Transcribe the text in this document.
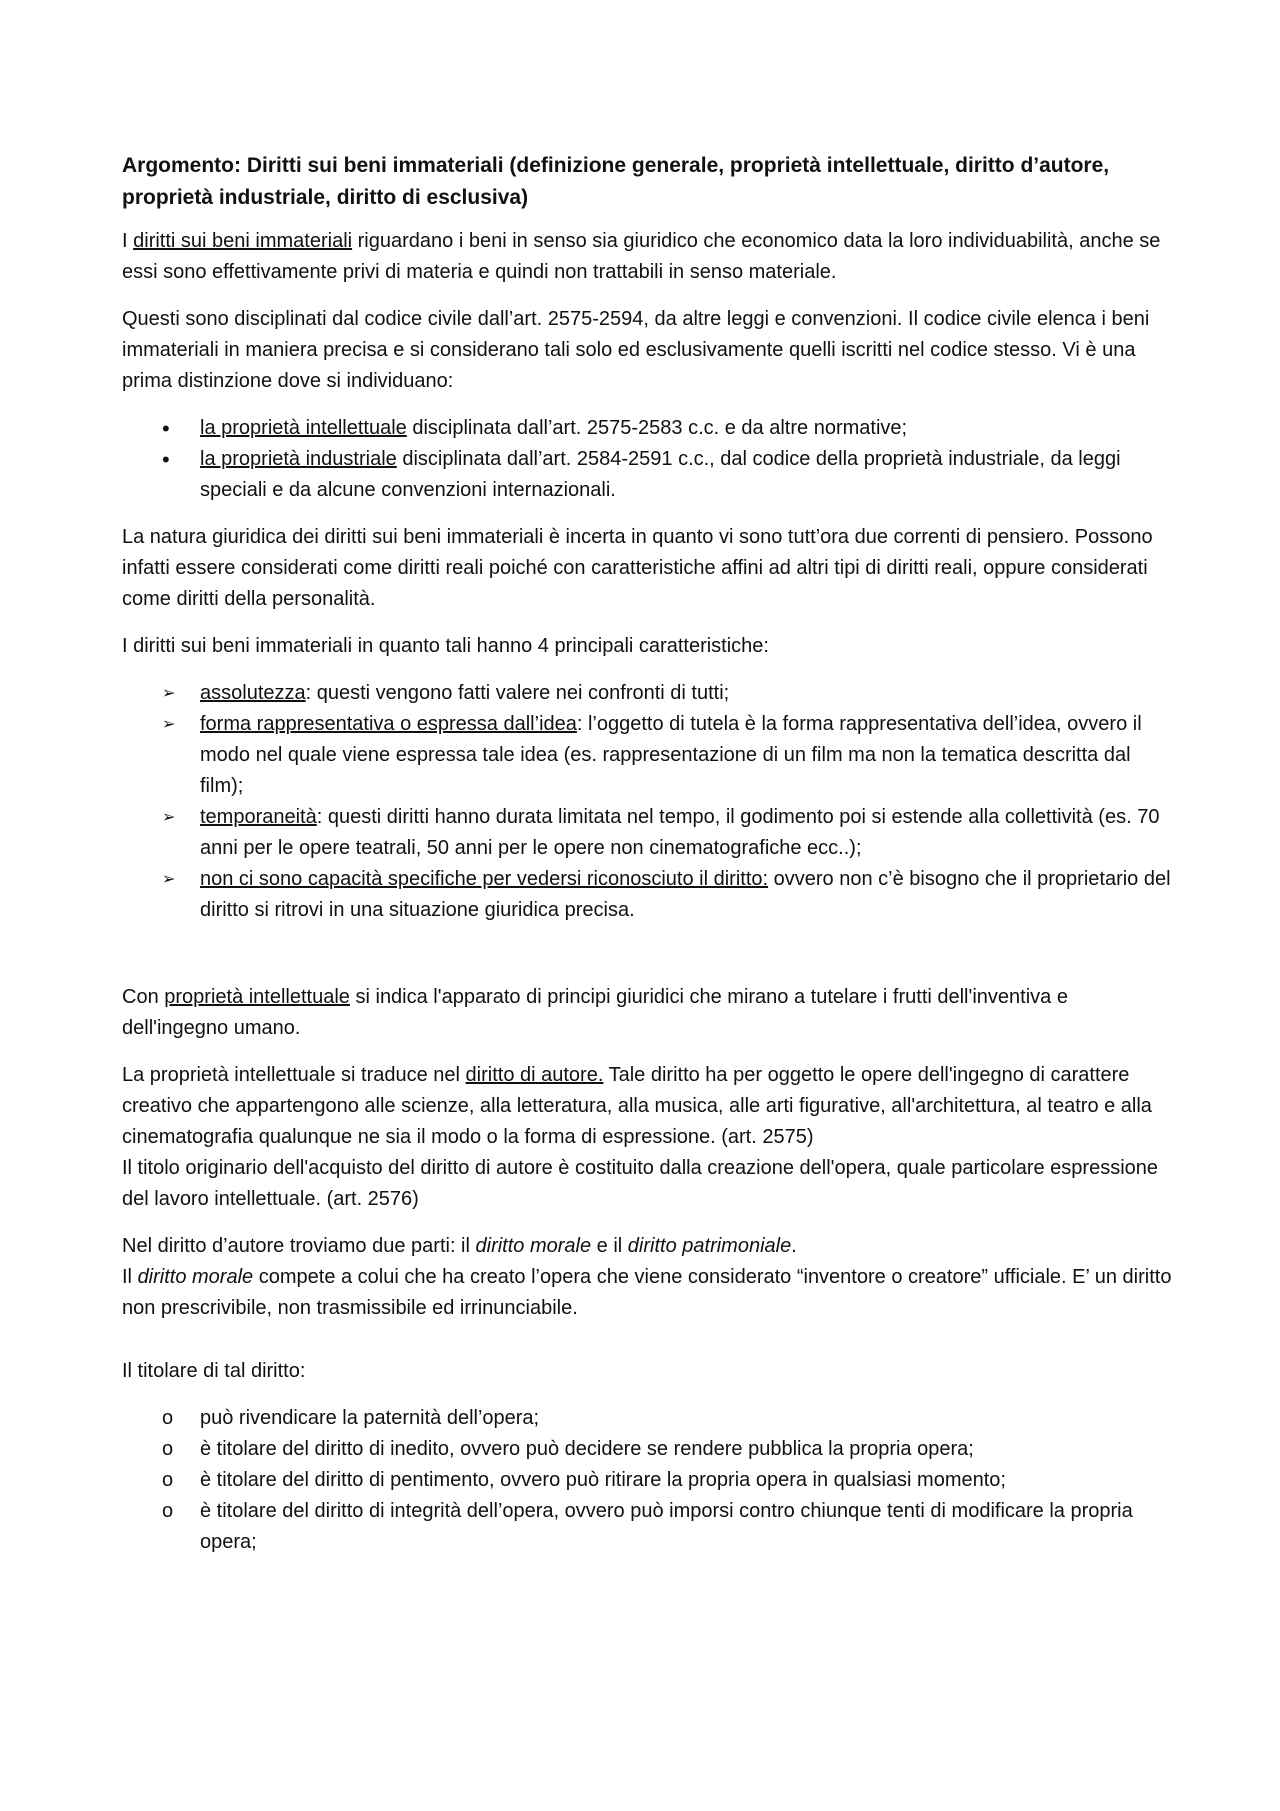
Argomento: Diritti sui beni immateriali (definizione generale, proprietà intellettuale, diritto d’autore, proprietà industriale, diritto di esclusiva)

I diritti sui beni immateriali riguardano i beni in senso sia giuridico che economico data la loro individuabilità, anche se essi sono effettivamente privi di materia e quindi non trattabili in senso materiale.

Questi sono disciplinati dal codice civile dall’art. 2575-2594, da altre leggi e convenzioni. Il codice civile elenca i beni immateriali in maniera precisa e si considerano tali solo ed esclusivamente quelli iscritti nel codice stesso. Vi è una prima distinzione dove si individuano:

•	la proprietà intellettuale disciplinata dall’art. 2575-2583 c.c. e da altre normative;
•	la proprietà industriale disciplinata dall’art. 2584-2591 c.c., dal codice della proprietà industriale, da leggi speciali e da alcune convenzioni internazionali.

La natura giuridica dei diritti sui beni immateriali è incerta in quanto vi sono tutt’ora due correnti di pensiero. Possono infatti essere considerati come diritti reali poiché con caratteristiche affini ad altri tipi di diritti reali, oppure considerati come diritti della personalità.

I diritti sui beni immateriali in quanto tali hanno 4 principali caratteristiche:

➢	assolutezza: questi vengono fatti valere nei confronti di tutti;
➢	forma rappresentativa o espressa dall’idea: l’oggetto di tutela è la forma rappresentativa dell’idea, ovvero il modo nel quale viene espressa tale idea (es. rappresentazione di un film ma non la tematica descritta dal film);
➢	temporaneità: questi diritti hanno durata limitata nel tempo, il godimento poi si estende alla collettività (es. 70 anni per le opere teatrali, 50 anni per le opere non cinematografiche ecc..);
➢	non ci sono capacità specifiche per vedersi riconosciuto il diritto: ovvero non c’è bisogno che il proprietario del diritto si ritrovi in una situazione giuridica precisa.

Con proprietà intellettuale si indica l'apparato di principi giuridici che mirano a tutelare i frutti dell'inventiva e dell'ingegno umano.

La proprietà intellettuale si traduce nel diritto di autore. Tale diritto ha per oggetto le opere dell'ingegno di carattere creativo che appartengono alle scienze, alla letteratura, alla musica, alle arti figurative, all'architettura, al teatro e alla cinematografia qualunque ne sia il modo o la forma di espressione. (art. 2575)
Il titolo originario dell'acquisto del diritto di autore è costituito dalla creazione dell'opera, quale particolare espressione del lavoro intellettuale. (art. 2576)

Nel diritto d’autore troviamo due parti: il diritto morale e il diritto patrimoniale.
Il diritto morale compete a colui che ha creato l’opera che viene considerato “inventore o creatore” ufficiale. E’ un diritto non prescrivibile, non trasmissibile ed irrinunciabile.

Il titolare di tal diritto:

o	può rivendicare la paternità dell’opera;
o	è titolare del diritto di inedito, ovvero può decidere se rendere pubblica la propria opera;
o	è titolare del diritto di pentimento, ovvero può ritirare la propria opera in qualsiasi momento;
o	è titolare del diritto di integrità dell’opera, ovvero può imporsi contro chiunque tenti di modificare la propria opera;
